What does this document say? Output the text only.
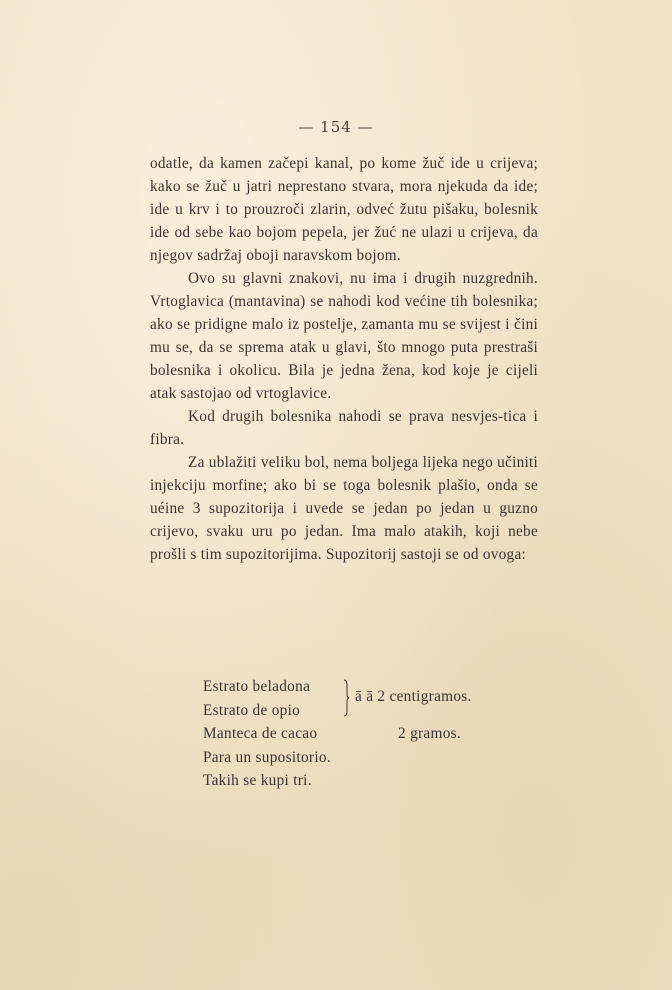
— 154 —

odatle, da kamen začepi kanal, po kome žuč ide u crijeva; kako se žuč u jatri neprestano stvara, mora njekuda da ide; ide u krv i to prouzroči zlarin, odveć žutu pišaku, bolesnik ide od sebe kao bojom pepela, jer žuć ne ulazi u crijeva, da njegov sadržaj oboji naravskom bojom.

Ovo su glavni znakovi, nu ima i drugih nuzgrednih. Vrtoglavica (mantavina) se nahodi kod većine tih bolesnika; ako se pridigne malo iz postelje, zamanta mu se svijest i čini mu se, da se sprema atak u glavi, što mnogo puta prestraši bolesnika i okolicu. Bila je jedna žena, kod koje je cijeli atak sastojao od vrtoglavice.

Kod drugih bolesnika nahodi se prava nesvjes-tica i fibra.

Za ublažiti veliku bol, nema boljega lijeka nego učiniti injekciju morfine; ako bi se toga bolesnik plašio, onda se uéine 3 supozitorija i uvede se jedan po jedan u guzno crijevo, svaku uru po jedan. Ima malo atakih, koji nebe prošli s tim supozitorijima. Supozitorij sastoji se od ovoga:

Estrato beladona
Estrato de opio
Manteca de cacao	2 gramos.
Para un supositorio.
Takih se kupi tri.
ā ā 2 centigramos.
